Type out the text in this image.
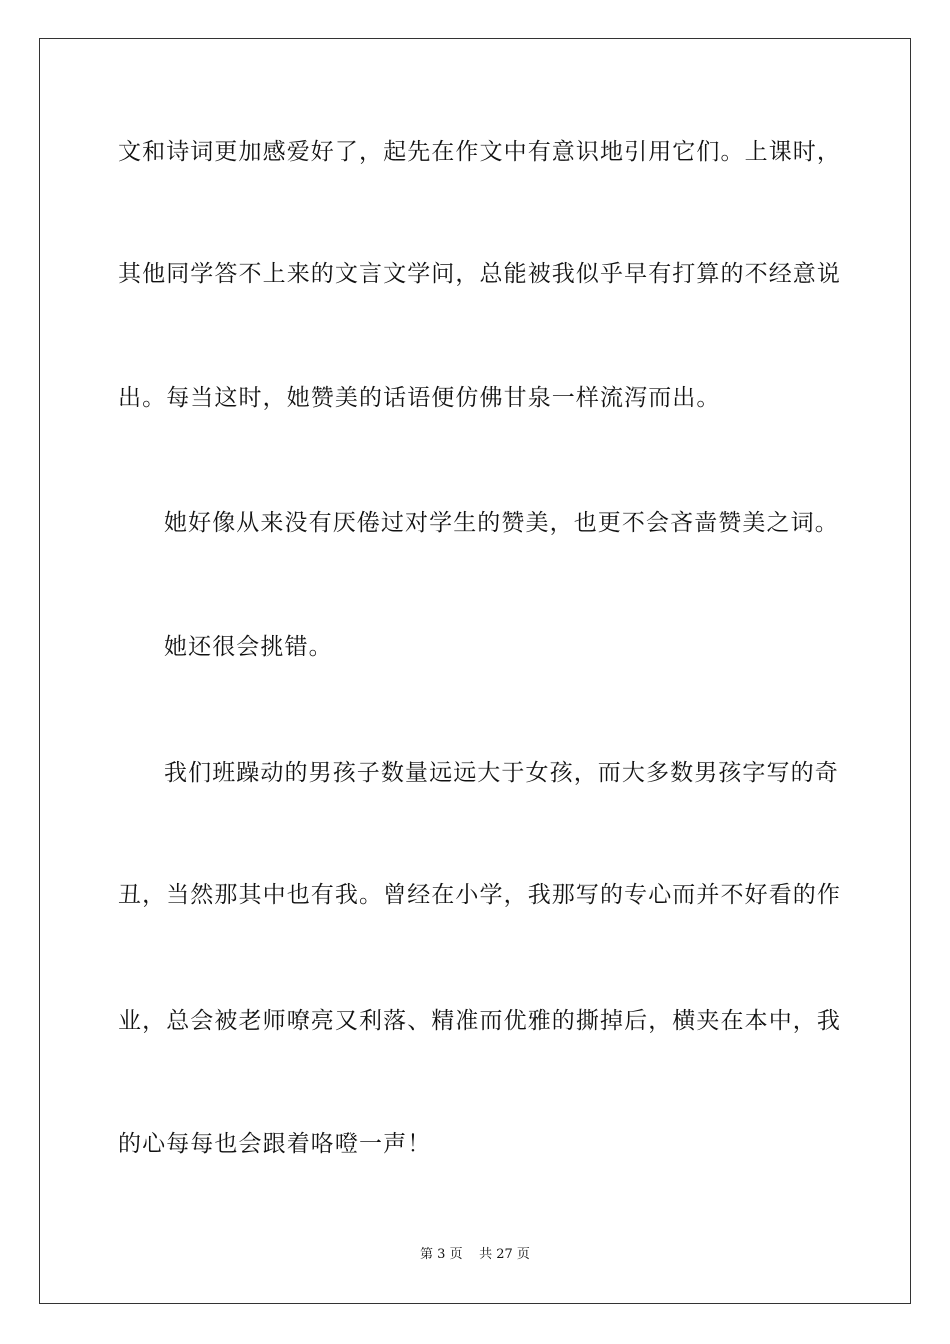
文和诗词更加感爱好了，起先在作文中有意识地引用它们。上课时，
其他同学答不上来的文言文学问，总能被我似乎早有打算的不经意说
出。每当这时，她赞美的话语便仿佛甘泉一样流泻而出。
她好像从来没有厌倦过对学生的赞美，也更不会吝啬赞美之词。
她还很会挑错。
我们班躁动的男孩子数量远远大于女孩，而大多数男孩字写的奇
丑，当然那其中也有我。曾经在小学，我那写的专心而并不好看的作
业，总会被老师嘹亮又利落、精准而优雅的撕掉后，横夹在本中，我
的心每每也会跟着咯噔一声！
第 3 页 共 27 页
